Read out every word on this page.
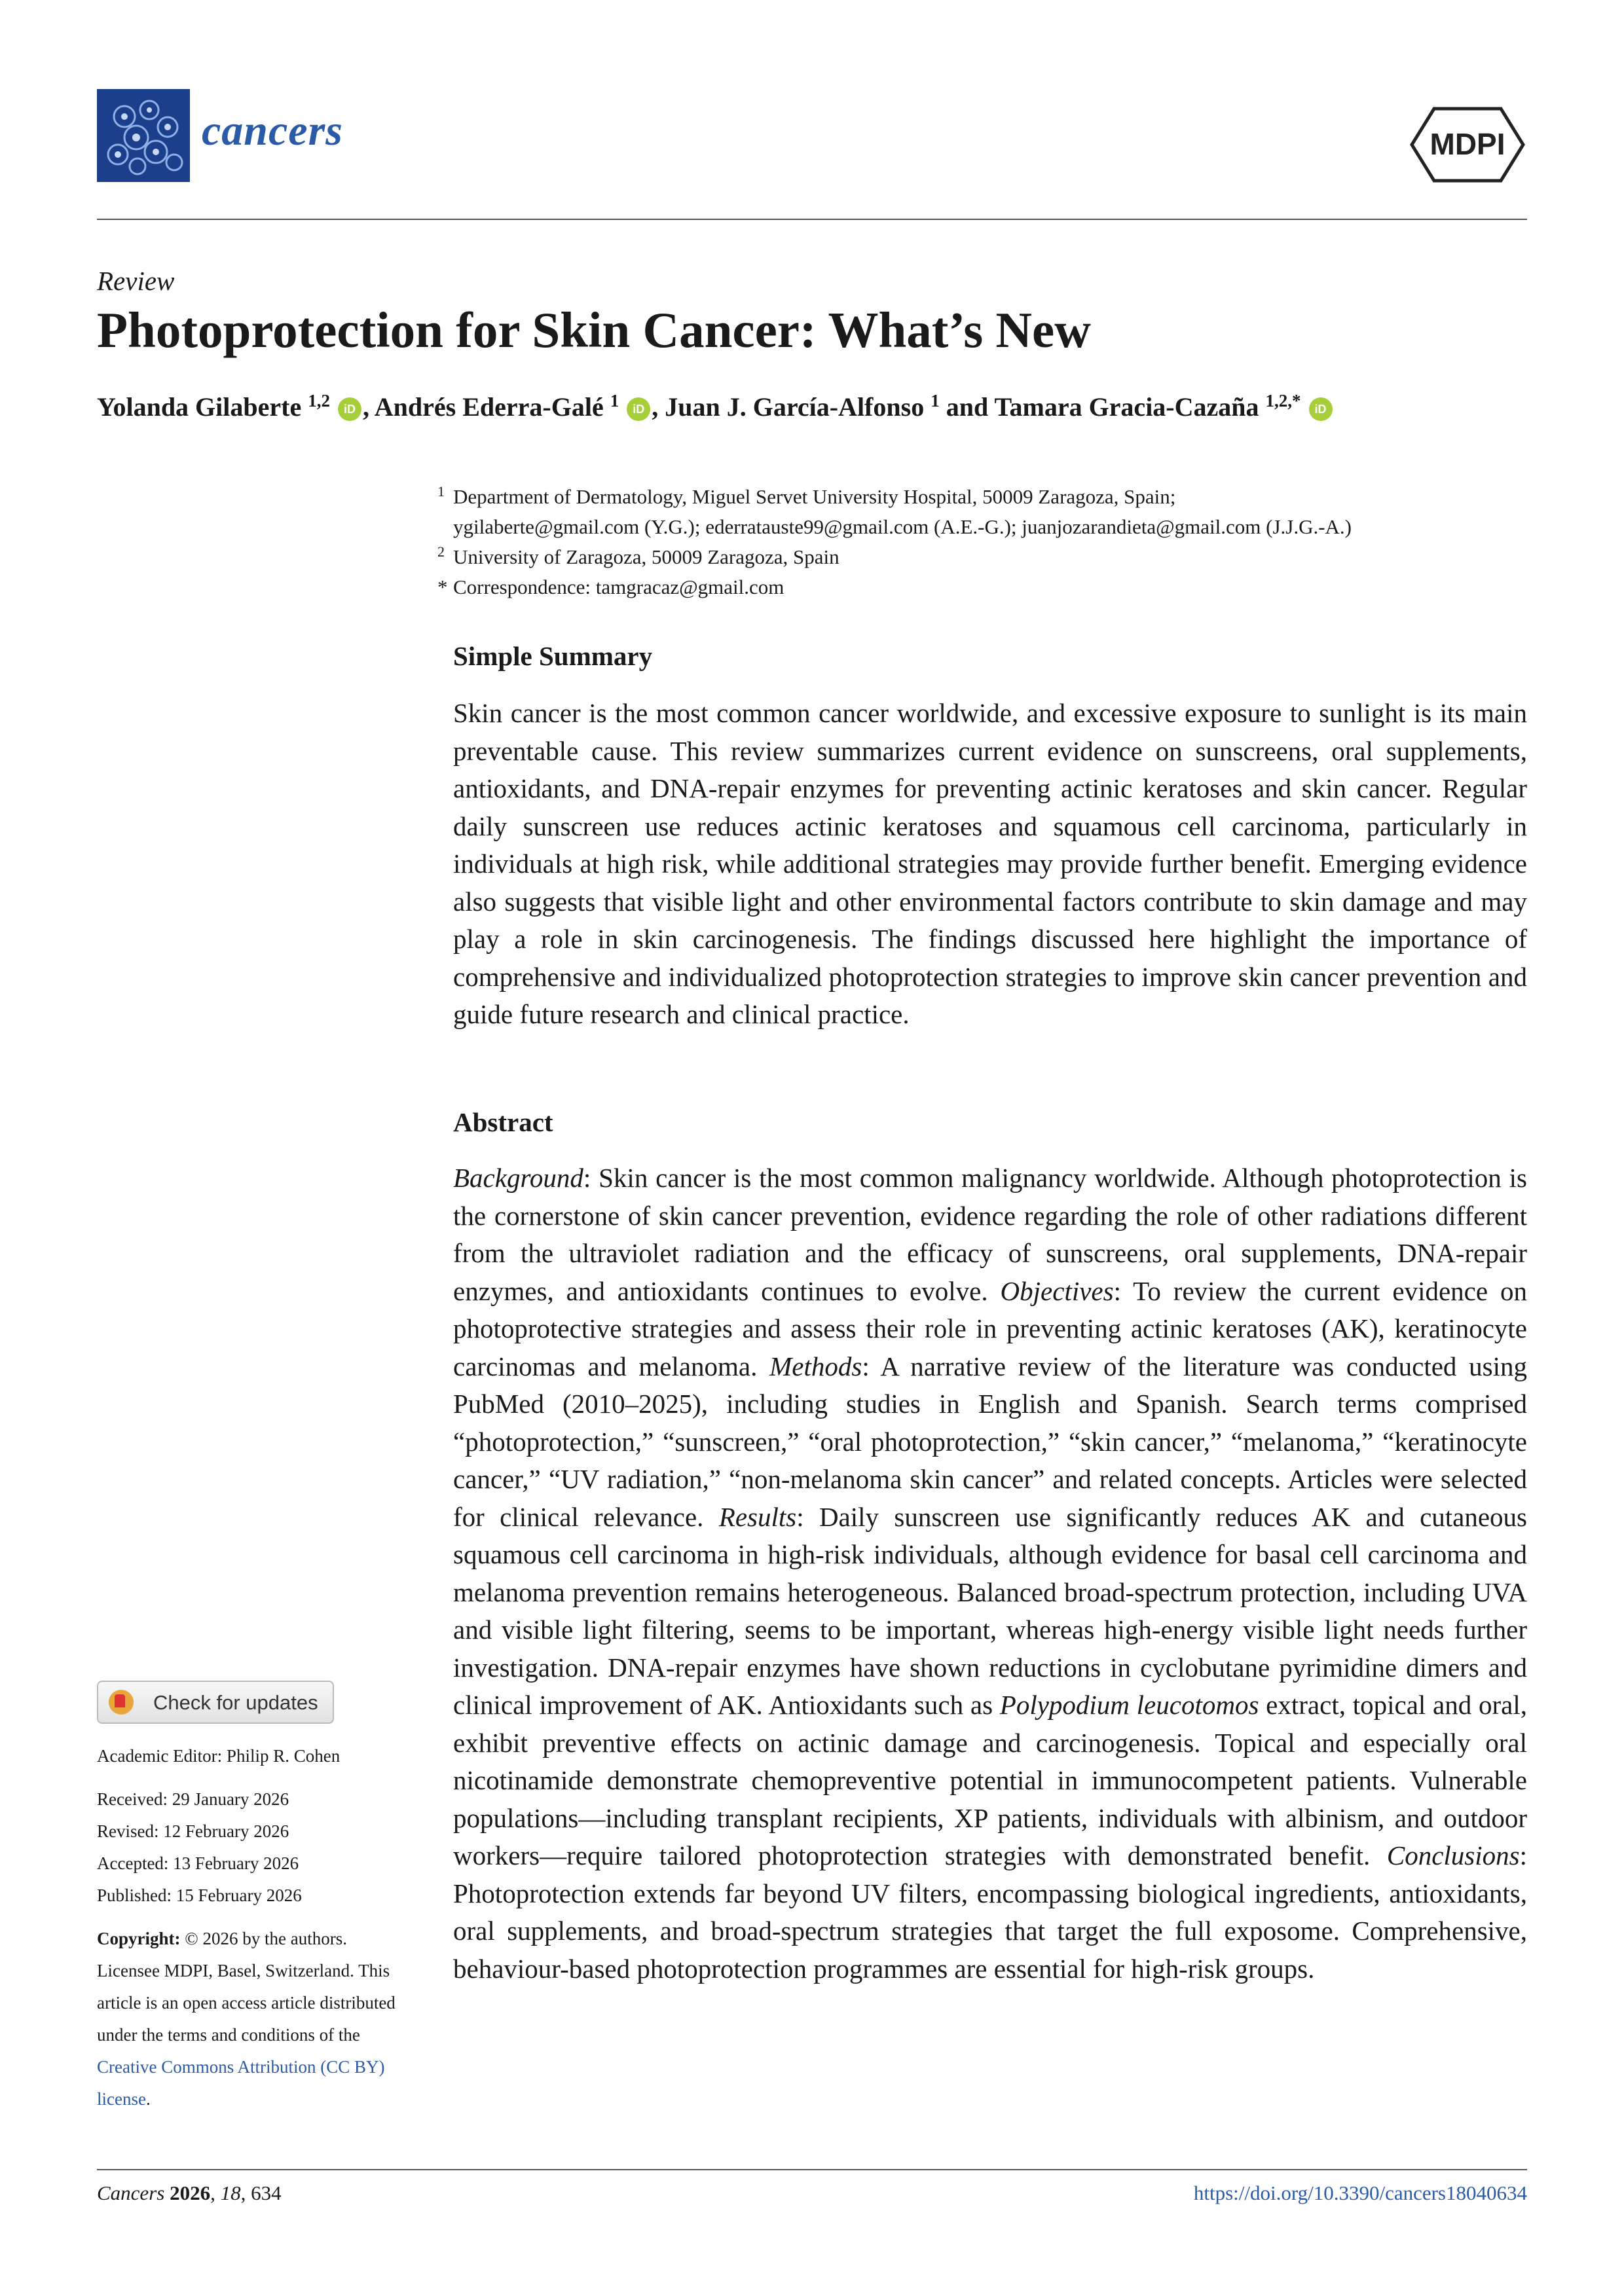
cancers	MDPI
Review
Photoprotection for Skin Cancer: What’s New
Yolanda Gilaberte $^{1,2}$ iD , Andrés Ederra-Galé $^1$ iD , Juan J. García-Alfonso $^1$ and Tamara Gracia-Cazaña $^{1,2,*}$ iD
1 Department of Dermatology, Miguel Servet University Hospital, 50009 Zaragoza, Spain;
ygilaberte@gmail.com (Y.G.); ederratauste99@gmail.com (A.E.-G.); juanjozarandieta@gmail.com (J.J.G.-A.)
2 University of Zaragoza, 50009 Zaragoza, Spain
* Correspondence: tamgracaz@gmail.com
Simple Summary
Skin cancer is the most common cancer worldwide, and excessive exposure to sunlight is its main preventable cause. This review summarizes current evidence on sunscreens, oral supplements, antioxidants, and DNA-repair enzymes for preventing actinic keratoses and skin cancer. Regular daily sunscreen use reduces actinic keratoses and squamous cell carcinoma, particularly in individuals at high risk, while additional strategies may provide further benefit. Emerging evidence also suggests that visible light and other environmental factors contribute to skin damage and may play a role in skin carcinogenesis. The findings discussed here highlight the importance of comprehensive and individualized photoprotection strategies to improve skin cancer prevention and guide future research and clinical practice.
Abstract
Background: Skin cancer is the most common malignancy worldwide. Although photoprotection is the cornerstone of skin cancer prevention, evidence regarding the role of other radiations different from the ultraviolet radiation and the efficacy of sunscreens, oral supplements, DNA-repair enzymes, and antioxidants continues to evolve. Objectives: To review the current evidence on photoprotective strategies and assess their role in preventing actinic keratoses (AK), keratinocyte carcinomas and melanoma. Methods: A narrative review of the literature was conducted using PubMed (2010–2025), including studies in English and Spanish. Search terms comprised “photoprotection,” “sunscreen,” “oral photoprotection,” “skin cancer,” “melanoma,” “keratinocyte cancer,” “UV radiation,” “non-melanoma skin cancer” and related concepts. Articles were selected for clinical relevance. Results: Daily sunscreen use significantly reduces AK and cutaneous squamous cell carcinoma in high-risk individuals, although evidence for basal cell carcinoma and melanoma prevention remains heterogeneous. Balanced broad-spectrum protection, including UVA and visible light filtering, seems to be important, whereas high-energy visible light needs further investigation. DNA-repair enzymes have shown reductions in cyclobutane pyrimidine dimers and clinical improvement of AK. Antioxidants such as Polypodium leucotomos extract, topical and oral, exhibit preventive effects on actinic damage and carcinogenesis. Topical and especially oral nicotinamide demonstrate chemopreventive potential in immunocompetent patients. Vulnerable populations—including transplant recipients, XP patients, individuals with albinism, and outdoor workers—require tailored photoprotection strategies with demonstrated benefit. Conclusions: Photoprotection extends far beyond UV filters, encompassing biological ingredients, antioxidants, oral supplements, and broad-spectrum strategies that target the full exposome. Comprehensive, behaviour-based photoprotection programmes are essential for high-risk groups.
Check for updates
Academic Editor: Philip R. Cohen
Received: 29 January 2026
Revised: 12 February 2026
Accepted: 13 February 2026
Published: 15 February 2026
Copyright: © 2026 by the authors. Licensee MDPI, Basel, Switzerland. This article is an open access article distributed under the terms and conditions of the Creative Commons Attribution (CC BY) license.
Cancers 2026, 18, 634	https://doi.org/10.3390/cancers18040634
